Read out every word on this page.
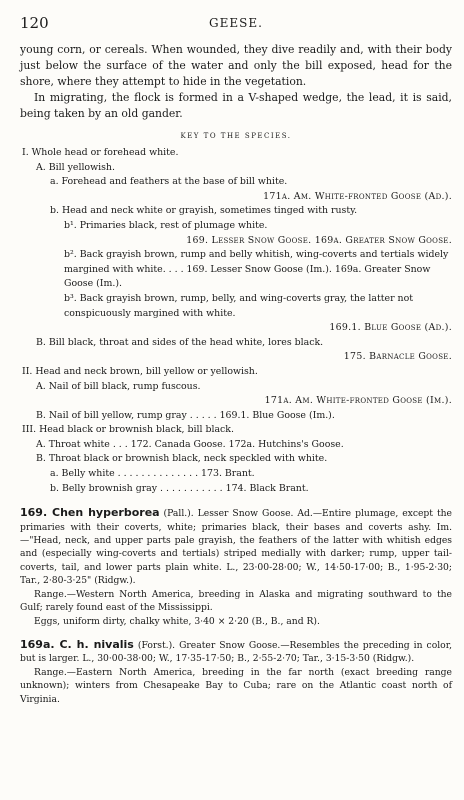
120	GEESE.

young corn, or cereals. When wounded, they dive readily and, with their body just below the surface of the water and only the bill exposed, head for the shore, where they attempt to hide in the vegetation.

In migrating, the flock is formed in a V-shaped wedge, the lead, it is said, being taken by an old gander.

KEY TO THE SPECIES.

I. Whole head or forehead white.

A. Bill yellowish.

a. Forehead and feathers at the base of bill white.

171a. Am. White-fronted Goose (Ad.).

b. Head and neck white or grayish, sometimes tinged with rusty.

b¹. Primaries black, rest of plumage white.

169. Lesser Snow Goose. 169a. Greater Snow Goose.

b². Back grayish brown, rump and belly whitish, wing-coverts and tertials widely margined with white. . . . 169. Lesser Snow Goose (Im.). 169a. Greater Snow Goose (Im.).

b³. Back grayish brown, rump, belly, and wing-coverts gray, the latter not conspicuously margined with white.

169.1. Blue Goose (Ad.).

B. Bill black, throat and sides of the head white, lores black.

175. Barnacle Goose.

II. Head and neck brown, bill yellow or yellowish.

A. Nail of bill black, rump fuscous.

171a. Am. White-fronted Goose (Im.).

B. Nail of bill yellow, rump gray . . . . . 169.1. Blue Goose (Im.).

III. Head black or brownish black, bill black.

A. Throat white . . . 172. Canada Goose. 172a. Hutchins's Goose.

B. Throat black or brownish black, neck speckled with white.

a. Belly white . . . . . . . . . . . . . . 173. Brant.

b. Belly brownish gray . . . . . . . . . . . 174. Black Brant.

169. Chen hyperborea (Pall.). Lesser Snow Goose. Ad.—Entire plumage, except the primaries with their coverts, white; primaries black, their bases and coverts ashy. Im.—"Head, neck, and upper parts pale grayish, the feathers of the latter with whitish edges and (especially wing-coverts and tertials) striped medially with darker; rump, upper tail-coverts, tail, and lower parts plain white. L., 23·00-28·00; W., 14·50-17·00; B., 1·95-2·30; Tar., 2·80-3·25" (Ridgw.).

Range.—Western North America, breeding in Alaska and migrating southward to the Gulf; rarely found east of the Mississippi.

Eggs, uniform dirty, chalky white, 3·40 × 2·20 (B., B., and R).

169a. C. h. nivalis (Forst.). Greater Snow Goose.—Resembles the preceding in color, but is larger. L., 30·00-38·00; W., 17·35-17·50; B., 2·55-2·70; Tar., 3·15-3·50 (Ridgw.).

Range.—Eastern North America, breeding in the far north (exact breeding range unknown); winters from Chesapeake Bay to Cuba; rare on the Atlantic coast north of Virginia.
